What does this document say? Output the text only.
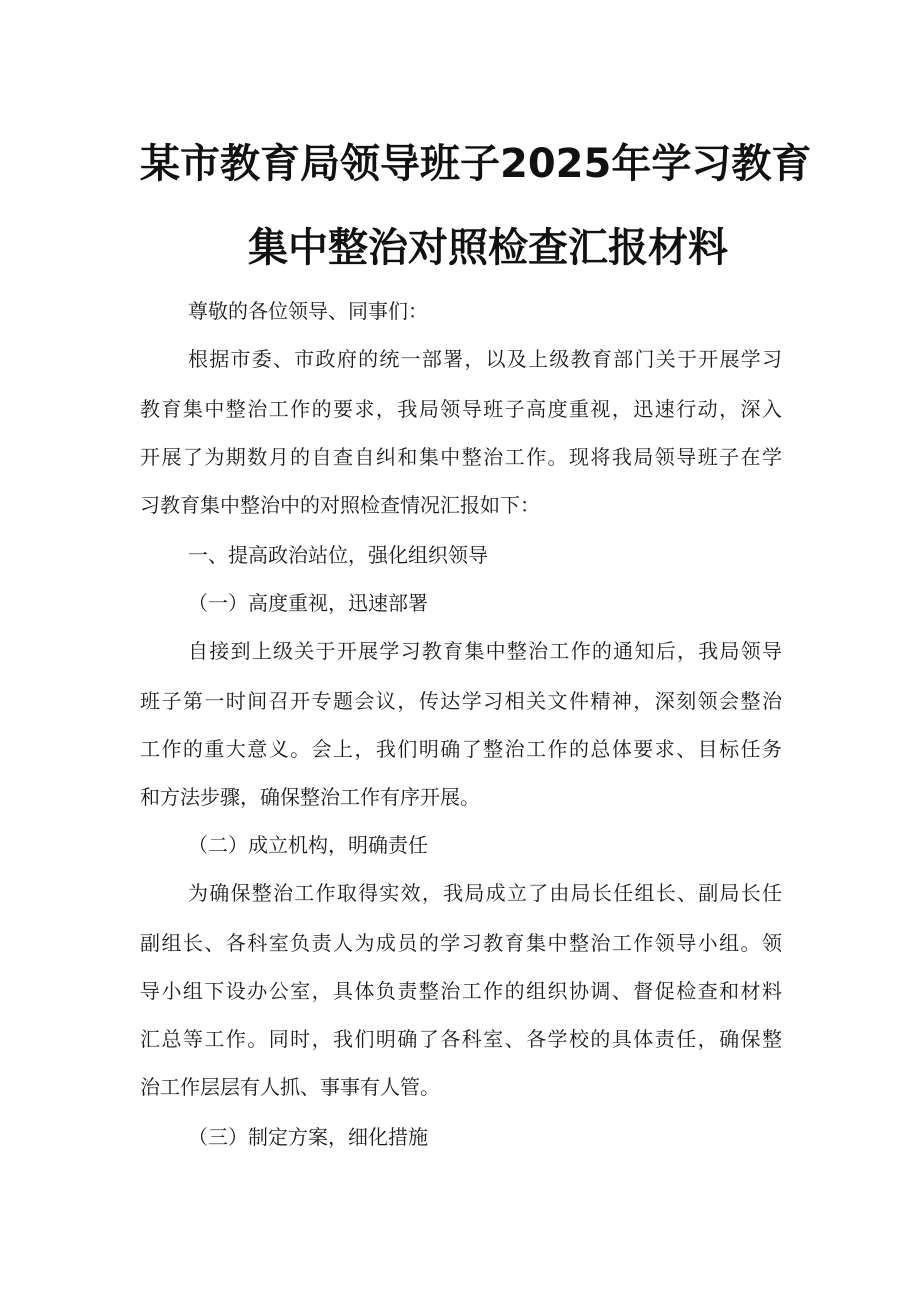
某市教育局领导班子2025年学习教育
集中整治对照检查汇报材料
尊敬的各位领导、同事们：
根据市委、市政府的统一部署，以及上级教育部门关于开展学习
教育集中整治工作的要求，我局领导班子高度重视，迅速行动，深入
开展了为期数月的自查自纠和集中整治工作。现将我局领导班子在学
习教育集中整治中的对照检查情况汇报如下：
一、提高政治站位，强化组织领导
（一）高度重视，迅速部署
自接到上级关于开展学习教育集中整治工作的通知后，我局领导
班子第一时间召开专题会议，传达学习相关文件精神，深刻领会整治
工作的重大意义。会上，我们明确了整治工作的总体要求、目标任务
和方法步骤，确保整治工作有序开展。
（二）成立机构，明确责任
为确保整治工作取得实效，我局成立了由局长任组长、副局长任
副组长、各科室负责人为成员的学习教育集中整治工作领导小组。领
导小组下设办公室，具体负责整治工作的组织协调、督促检查和材料
汇总等工作。同时，我们明确了各科室、各学校的具体责任，确保整
治工作层层有人抓、事事有人管。
（三）制定方案，细化措施
